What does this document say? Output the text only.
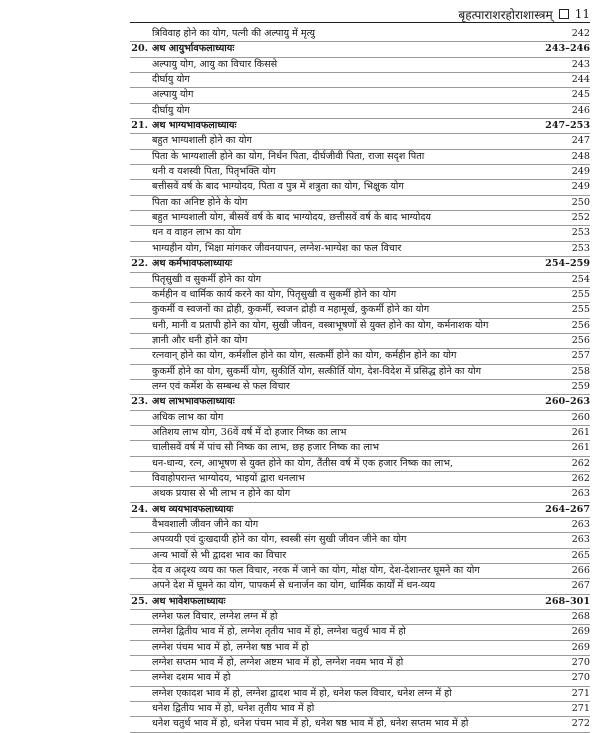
बृहत्पाराशरहोराशास्त्रम् 11
त्रिविवाह होने का योग, पत्नी की अल्पायु में मृत्यु	242
20. अथ आयुर्भावफलाध्यायः	243–246
अल्पायु योग, आयु का विचार किससे	243
दीर्घायु योग	244
अल्पायु योग	245
दीर्घायु योग	246
21. अथ भाग्यभावफलाध्यायः	247–253
बहुत भाग्यशाली होने का योग	247
पिता के भाग्यशाली होने का योग, निर्धन पिता, दीर्घजीवी पिता, राजा सदृश पिता	248
धनी व यशस्वी पिता, पितृभक्ति योग	249
बत्तीसवें वर्ष के बाद भाग्योदय, पिता व पुत्र में शत्रुता का योग, भिक्षुक योग	249
पिता का अनिष्ट होने के योग	250
बहुत भाग्यशाली योग, बीसवें वर्ष के बाद भाग्योदय, छत्तीसवें वर्ष के बाद भाग्योदय	252
धन व वाहन लाभ का योग	253
भाग्यहीन योग, भिक्षा मांगकर जीवनयापन, लग्नेश-भाग्येश का फल विचार	253
22. अथ कर्मभावफलाध्यायः	254–259
पितृसुखी व सुकर्मी होने का योग	254
कर्महीन व धार्मिक कार्य करने का योग, पितृसुखी व सुकर्मी होने का योग	255
कुकर्मी व स्वजनों का द्रोही, कुकर्मी, स्वजन द्रोही व महामूर्ख, कुकर्मी होने का योग	255
धनी, मानी व प्रतापी होने का योग, सुखी जीवन, वस्त्राभूषणों से युक्त होने का योग, कर्मनाशक योग	256
ज्ञानी और धनी होने का योग	256
रत्नवान् होने का योग, कर्मशील होने का योग, सत्कर्मी होने का योग, कर्महीन होने का योग	257
कुकर्मी होने का योग, सुकर्मी योग, सुकीर्ति योग, सत्कीर्ति योग, देश-विदेश में प्रसिद्ध होने का योग	258
लग्न एवं कर्मेश के सम्बन्ध से फल विचार	259
23. अथ लाभभावफलाध्यायः	260–263
अधिक लाभ का योग	260
अतिशय लाभ योग, 36वें वर्ष में दो हजार निष्क का लाभ	261
चालीसवें वर्ष में पांच सौ निष्क का लाभ, छह हजार निष्क का लाभ	261
धन-धान्य, रत्न, आभूषण से युक्त होने का योग, तैंतीस वर्ष में एक हजार निष्क का लाभ,	262
विवाहोपरान्त भाग्योदय, भाइयों द्वारा धनलाभ	262
अथक प्रयास से भी लाभ न होने का योग	263
24. अथ व्ययभावफलाध्यायः	264–267
वैभवशाली जीवन जीने का योग	263
अपव्ययी एवं दुःखदायी होने का योग, स्वस्त्री संग सुखी जीवन जीने का योग	263
अन्य भावों से भी द्वादश भाव का विचार	265
देव व अदृश्य व्यय का फल विचार, नरक में जाने का योग, मोक्ष योग, देश-देशान्तर घूमने का योग	266
अपने देश में घूमने का योग, पापकर्म से धनार्जन का योग, धार्मिक कार्यों में धन-व्यय	267
25. अथ भावेशफलाध्यायः	268–301
लग्नेश फल विचार, लग्नेश लग्न में हो	268
लग्नेश द्वितीय भाव में हो, लग्नेश तृतीय भाव में हो, लग्नेश चतुर्थ भाव में हो	269
लग्नेश पंचम भाव में हो, लग्नेश षष्ठ भाव में हो	269
लग्नेश सप्तम भाव में हो, लग्नेश अष्टम भाव में हो, लग्नेश नवम भाव में हो	270
लग्नेश दशम भाव में हो	270
लग्नेश एकादश भाव में हो, लग्नेश द्वादश भाव में हो, धनेश फल विचार, धनेश लग्न में हो	271
धनेश द्वितीय भाव में हो, धनेश तृतीय भाव में हो	271
धनेश चतुर्थ भाव में हो, धनेश पंचम भाव में हो, धनेश षष्ठ भाव में हो, धनेश सप्तम भाव में हो	272
